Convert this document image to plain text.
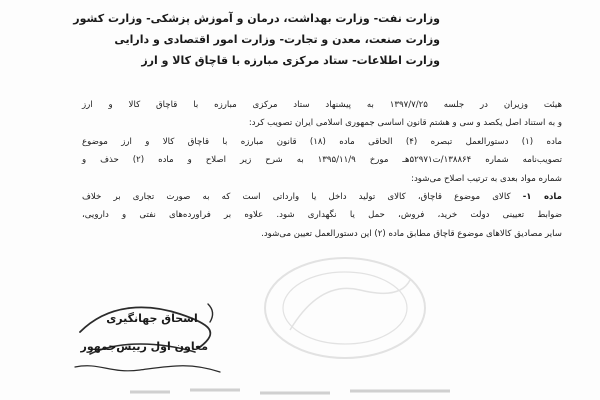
وزارت نفت- وزارت بهداشت، درمان و آموزش پزشکی- وزارت کشور
وزارت صنعت، معدن و تجارت- وزارت امور اقتصادی و دارایی
وزارت اطلاعات- ستاد مرکزی مبارزه با قاچاق کالا و ارز
هیئت وزیران در جلسه ۱۳۹۷/۷/۲۵ به پیشنهاد ستاد مرکزی مبارزه با قاچاق کالا و ارز
و به استناد اصل یکصد و سی و هشتم قانون اساسی جمهوری اسلامی ایران تصویب کرد:
ماده (۱) دستورالعمل تبصره (۴) الحاقی ماده (۱۸) قانون مبارزه با قاچاق کالا و ارز موضوع
تصویب‌نامه شماره ۱۳۸۸۶۴/ت۵۲۹۷۱هـ مورخ ۱۳۹۵/۱۱/۹ به شرح زیر اصلاح و ماده (۲) حذف و
شماره مواد بعدی به ترتیب اصلاح می‌شود:
ماده ۱- کالای موضوع قاچاق، کالای تولید داخل یا وارداتی است که به صورت تجاری بر خلاف
ضوابط تعیینی دولت خرید، فروش، حمل یا نگهداری شود. علاوه بر فراورده‌های نفتی و دارویی،
سایر مصادیق کالاهای موضوع قاچاق مطابق ماده (۲) این دستورالعمل تعیین می‌شود.
اسحاق جهانگیری
معاون اول رییس‌جمهور
